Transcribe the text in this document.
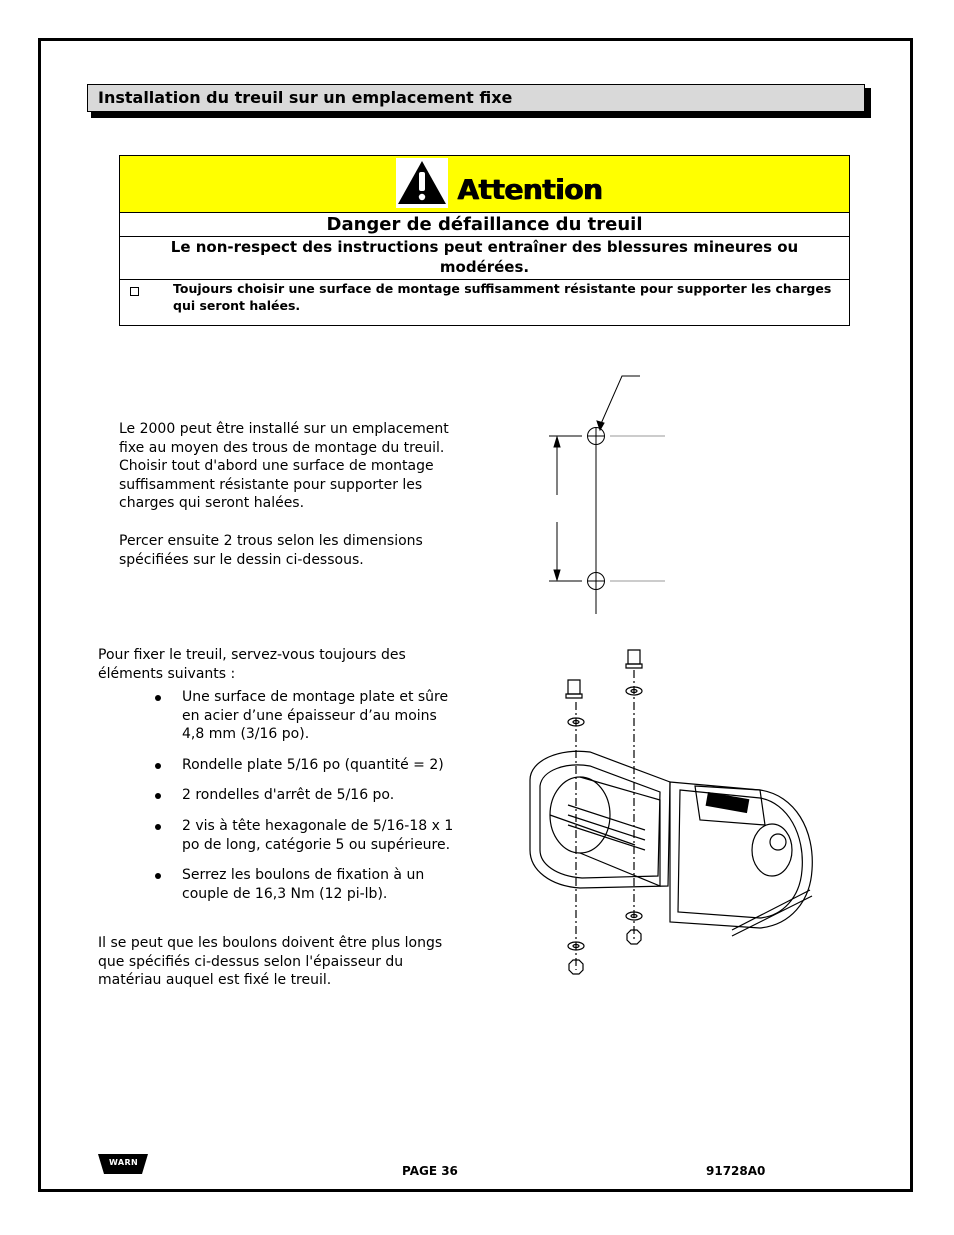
Installation du treuil sur un emplacement fixe
Attention
Danger de défaillance du treuil
Le non-respect des instructions peut entraîner des blessures mineures ou modérées.
Toujours choisir une surface de montage suffisamment résistante pour supporter les charges qui seront halées.
Le 2000 peut être installé sur un emplacement fixe au moyen des trous de montage du treuil. Choisir tout d'abord une surface de montage suffisamment résistante pour supporter les charges qui seront halées.
Percer ensuite 2 trous selon les dimensions spécifiées sur le dessin ci-dessous.
Pour fixer le treuil, servez-vous toujours des éléments suivants :
Une surface de montage plate et sûre en acier d’une épaisseur d’au moins 4,8 mm (3/16 po).
Rondelle plate 5/16 po (quantité = 2)
2 rondelles d'arrêt de 5/16 po.
2 vis à tête hexagonale de 5/16-18 x 1 po de long, catégorie 5 ou supérieure.
Serrez les boulons de fixation à un couple de 16,3 Nm (12 pi-lb).
Il se peut que les boulons doivent être plus longs que spécifiés ci-dessus selon l'épaisseur du matériau auquel est fixé le treuil.
WARN
PAGE 36	91728A0
